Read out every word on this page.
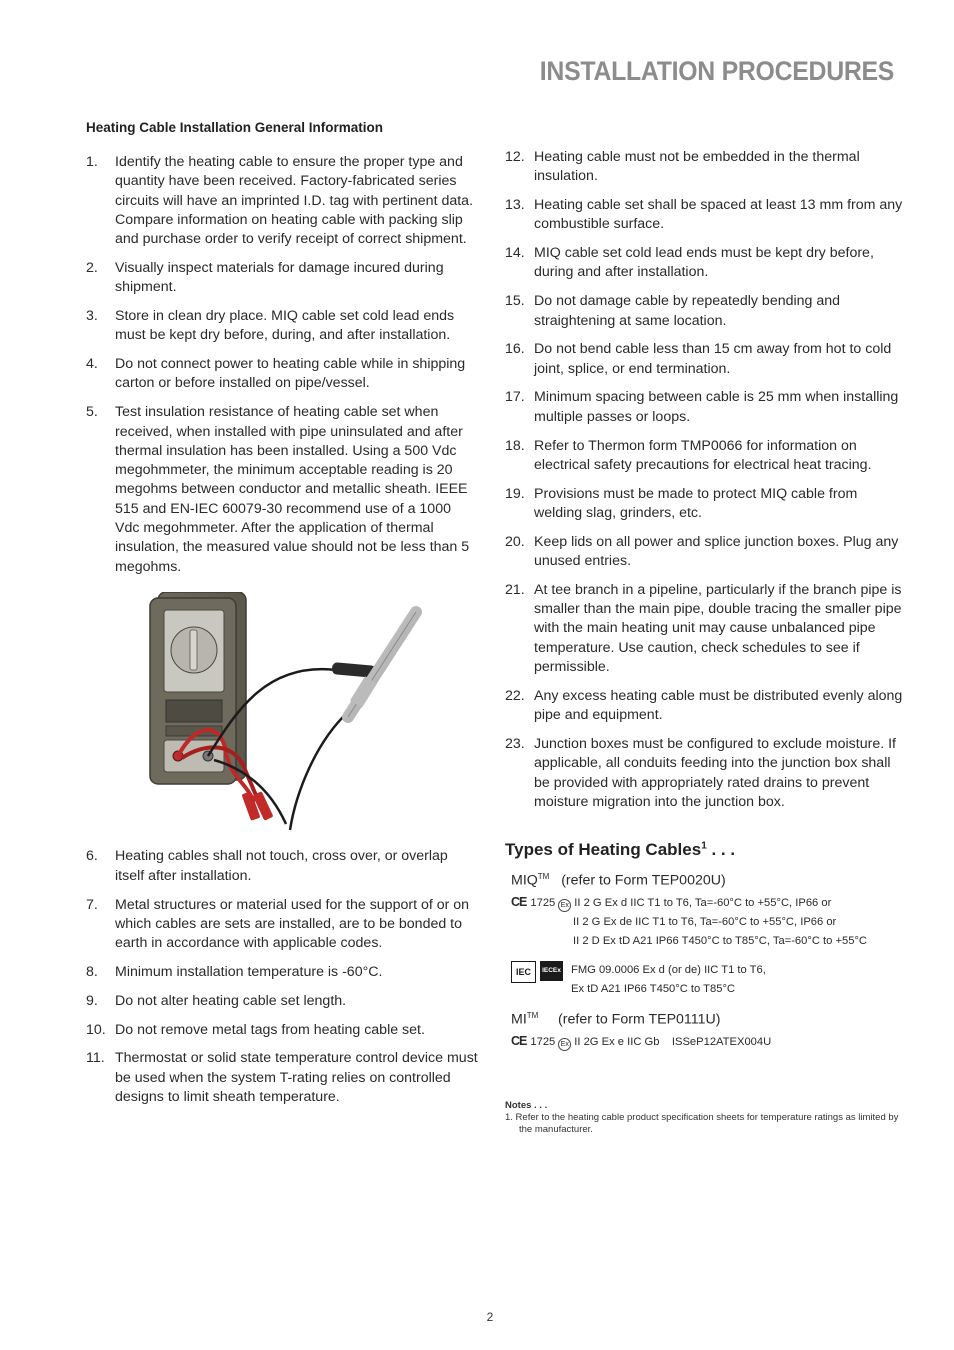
INSTALLATION PROCEDURES
Heating Cable Installation General Information
1. Identify the heating cable to ensure the proper type and quantity have been received. Factory-fabricated series circuits will have an imprinted I.D. tag with pertinent data. Compare information on heating cable with packing slip and purchase order to verify receipt of correct shipment.
2. Visually inspect materials for damage incured during shipment.
3. Store in clean dry place. MIQ cable set cold lead ends must be kept dry before, during, and after installation.
4. Do not connect power to heating cable while in shipping carton or before installed on pipe/vessel.
5. Test insulation resistance of heating cable set when received, when installed with pipe uninsulated and after thermal insulation has been installed. Using a 500 Vdc megohmmeter, the minimum acceptable reading is 20 megohms between conductor and metallic sheath. IEEE 515 and EN-IEC 60079-30 recommend use of a 1000 Vdc megohmmeter. After the application of thermal insulation, the measured value should not be less than 5 megohms.
6. Heating cables shall not touch, cross over, or overlap itself after installation.
7. Metal structures or material used for the support of or on which cables are sets are installed, are to be bonded to earth in accordance with applicable codes.
8. Minimum installation temperature is -60°C.
9. Do not alter heating cable set length.
10. Do not remove metal tags from heating cable set.
11. Thermostat or solid state temperature control device must be used when the system T-rating relies on controlled designs to limit sheath temperature.
12. Heating cable must not be embedded in the thermal insulation.
13. Heating cable set shall be spaced at least 13 mm from any combustible surface.
14. MIQ cable set cold lead ends must be kept dry before, during and after installation.
15. Do not damage cable by repeatedly bending and straightening at same location.
16. Do not bend cable less than 15 cm away from hot to cold joint, splice, or end termination.
17. Minimum spacing between cable is 25 mm when installing multiple passes or loops.
18. Refer to Thermon form TMP0066 for information on electrical safety precautions for electrical heat tracing.
19. Provisions must be made to protect MIQ cable from welding slag, grinders, etc.
20. Keep lids on all power and splice junction boxes. Plug any unused entries.
21. At tee branch in a pipeline, particularly if the branch pipe is smaller than the main pipe, double tracing the smaller pipe with the main heating unit may cause unbalanced pipe temperature. Use caution, check schedules to see if permissible.
22. Any excess heating cable must be distributed evenly along pipe and equipment.
23. Junction boxes must be configured to exclude moisture. If applicable, all conduits feeding into the junction box shall be provided with appropriately rated drains to prevent moisture migration into the junction box.
Types of Heating Cables$^1$ . . .
MIQ™ (refer to Form TEP0020U)
CE 1725 Ex II 2 G Ex d IIC T1 to T6, Ta=-60°C to +55°C, IP66 or
II 2 G Ex de IIC T1 to T6, Ta=-60°C to +55°C, IP66 or
II 2 D Ex tD A21 IP66 T450°C to T85°C, Ta=-60°C to +55°C
IEC	IECEx FMG 09.0006 Ex d (or de) IIC T1 to T6,
Ex tD A21 IP66 T450°C to T85°C
MI™ (refer to Form TEP0111U)
CE 1725 Ex II 2G Ex e IIC Gb ISSeP12ATEX004U
Notes . . .
1. Refer to the heating cable product specification sheets for temperature ratings as limited by the manufacturer.
2
